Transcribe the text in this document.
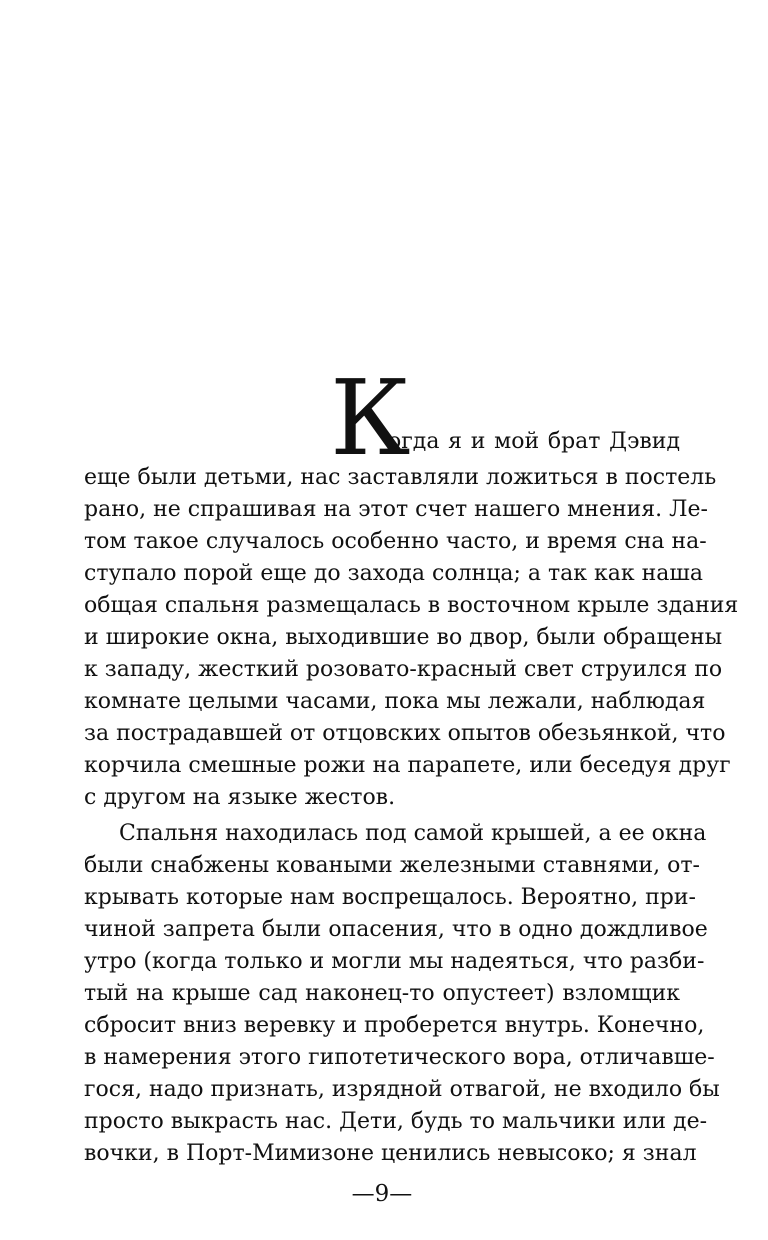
К
огда я и мой брат Дэвид
еще были детьми, нас заставляли ложиться в постель
рано, не спрашивая на этот счет нашего мнения. Ле-
том такое случалось особенно часто, и время сна на-
ступало порой еще до захода солнца; а так как наша
общая спальня размещалась в восточном крыле здания
и широкие окна, выходившие во двор, были обращены
к западу, жесткий розовато-красный свет струился по
комнате целыми часами, пока мы лежали, наблюдая
за пострадавшей от отцовских опытов обезьянкой, что
корчила смешные рожи на парапете, или беседуя друг
с другом на языке жестов.
Спальня находилась под самой крышей, а ее окна
были снабжены коваными железными ставнями, от-
крывать которые нам воспрещалось. Вероятно, при-
чиной запрета были опасения, что в одно дождливое
утро (когда только и могли мы надеяться, что разби-
тый на крыше сад наконец-то опустеет) взломщик
сбросит вниз веревку и проберется внутрь. Конечно,
в намерения этого гипотетического вора, отличавше-
гося, надо признать, изрядной отвагой, не входило бы
просто выкрасть нас. Дети, будь то мальчики или де-
вочки, в Порт-Мимизоне ценились невысоко; я знал
—9—
